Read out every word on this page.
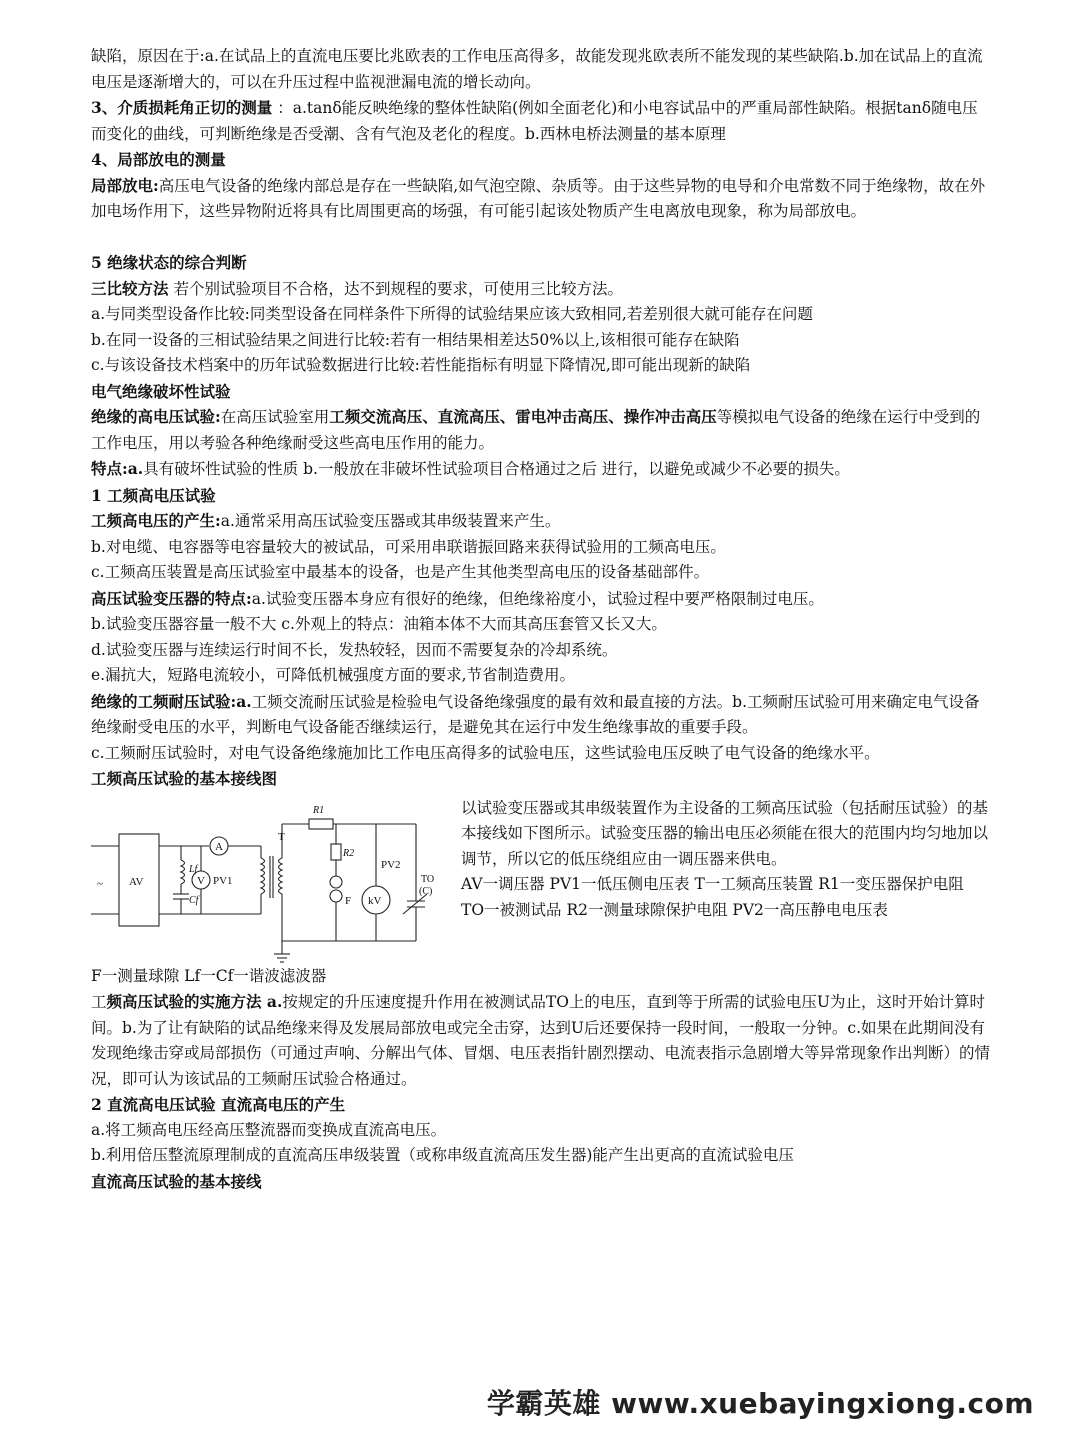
缺陷，原因在于:a.在试品上的直流电压要比兆欧表的工作电压高得多，故能发现兆欧表所不能发现的某些缺陷.b.加在试品上的直流电压是逐渐增大的，可以在升压过程中监视泄漏电流的增长动向。

3、介质损耗角正切的测量 ：a.tanδ能反映绝缘的整体性缺陷(例如全面老化)和小电容试品中的严重局部性缺陷。根据tanδ随电压而变化的曲线，可判断绝缘是否受潮、含有气泡及老化的程度。b.西林电桥法测量的基本原理

4、局部放电的测量

局部放电:高压电气设备的绝缘内部总是存在一些缺陷,如气泡空隙、杂质等。由于这些异物的电导和介电常数不同于绝缘物，故在外加电场作用下，这些异物附近将具有比周围更高的场强，有可能引起该处物质产生电离放电现象，称为局部放电。

5 绝缘状态的综合判断

三比较方法 若个别试验项目不合格，达不到规程的要求，可使用三比较方法。

a.与同类型设备作比较:同类型设备在同样条件下所得的试验结果应该大致相同,若差别很大就可能存在问题

b.在同一设备的三相试验结果之间进行比较:若有一相结果相差达50%以上,该相很可能存在缺陷

c.与该设备技术档案中的历年试验数据进行比较:若性能指标有明显下降情况,即可能出现新的缺陷

电气绝缘破坏性试验

绝缘的高电压试验:在高压试验室用工频交流高压、直流高压、雷电冲击高压、操作冲击高压等模拟电气设备的绝缘在运行中受到的工作电压，用以考验各种绝缘耐受这些高电压作用的能力。

特点:a.具有破坏性试验的性质 b.一般放在非破坏性试验项目合格通过之后 进行，以避免或减少不必要的损失。

1 工频高电压试验

工频高电压的产生:a.通常采用高压试验变压器或其串级装置来产生。

b.对电缆、电容器等电容量较大的被试品，可采用串联谐振回路来获得试验用的工频高电压。

c.工频高压装置是高压试验室中最基本的设备，也是产生其他类型高电压的设备基础部件。

高压试验变压器的特点:a.试验变压器本身应有很好的绝缘，但绝缘裕度小，试验过程中要严格限制过电压。

b.试验变压器容量一般不大 c.外观上的特点：油箱本体不大而其高压套管又长又大。

d.试验变压器与连续运行时间不长，发热较轻，因而不需要复杂的冷却系统。

e.漏抗大，短路电流较小，可降低机械强度方面的要求,节省制造费用。

绝缘的工频耐压试验:a.工频交流耐压试验是检验电气设备绝缘强度的最有效和最直接的方法。b.工频耐压试验可用来确定电气设备绝缘耐受电压的水平，判断电气设备能否继续运行，是避免其在运行中发生绝缘事故的重要手段。

c.工频耐压试验时，对电气设备绝缘施加比工作电压高得多的试验电压，这些试验电压反映了电气设备的绝缘水平。

工频高压试验的基本接线图

~ AV
A
V PV1
Lf
Cf
T
R1
R2
F
PV2
kV
TO
(C)

以试验变压器或其串级装置作为主设备的工频高压试验（包括耐压试验）的基本接线如下图所示。试验变压器的输出电压必须能在很大的范围内均匀地加以调节，所以它的低压绕组应由一调压器来供电。

AV一调压器 PV1一低压侧电压表 T一工频高压装置 R1一变压器保护电阻 TO一被测试品 R2一测量球隙保护电阻 PV2一高压静电电压表

F一测量球隙 Lf一Cf一谐波滤波器

工频高压试验的实施方法 a.按规定的升压速度提升作用在被测试品TO上的电压，直到等于所需的试验电压U为止，这时开始计算时间。b.为了让有缺陷的试品绝缘来得及发展局部放电或完全击穿，达到U后还要保持一段时间，一般取一分钟。c.如果在此期间没有发现绝缘击穿或局部损伤（可通过声响、分解出气体、冒烟、电压表指针剧烈摆动、电流表指示急剧增大等异常现象作出判断）的情况，即可认为该试品的工频耐压试验合格通过。

2 直流高电压试验 直流高电压的产生

a.将工频高电压经高压整流器而变换成直流高电压。

b.利用倍压整流原理制成的直流高压串级装置（或称串级直流高压发生器)能产生出更高的直流试验电压

直流高压试验的基本接线

学霸英雄 www.xuebayingxiong.com
